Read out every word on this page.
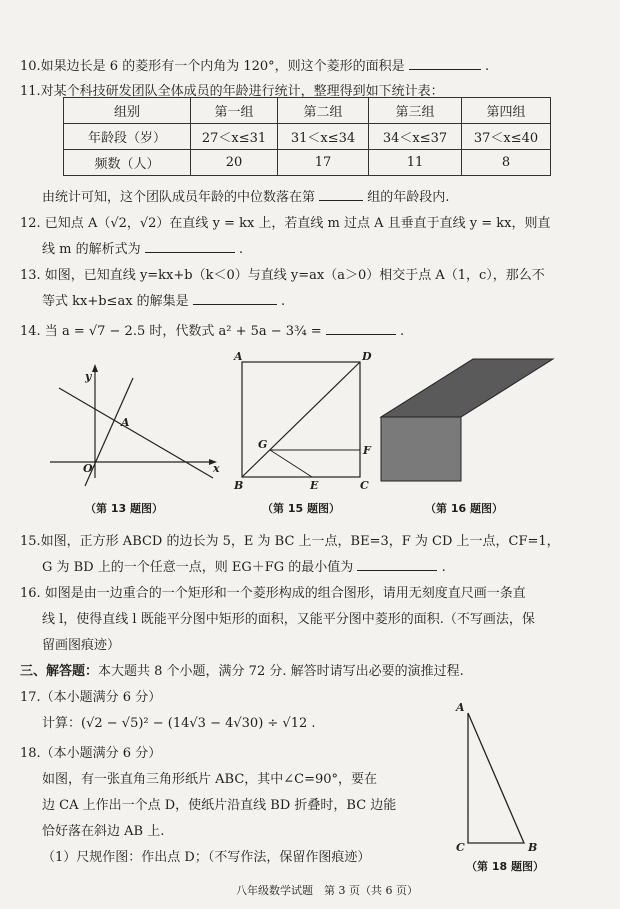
10.如果边长是 6 的菱形有一个内角为 120°，则这个菱形的面积是	.
11.对某个科技研发团队全体成员的年龄进行统计，整理得到如下统计表：
组别	第一组	第二组	第三组	第四组
年龄段（岁）	27＜x≤31	31＜x≤34	34＜x≤37	37＜x≤40
频数（人）	20	17	11	8
由统计可知，这个团队成员年龄的中位数落在第	组的年龄段内.
12. 已知点 A（√2，√2）在直线 y = kx 上，若直线 m 过点 A 且垂直于直线 y = kx，则直
线 m 的解析式为	.
13. 如图，已知直线 y=kx+b（k＜0）与直线 y=ax（a＞0）相交于点 A（1，c），那么不
等式 kx+b≤ax 的解集是	.
14. 当 a = √7 − 2.5 时，代数式 a² + 5a − 3¾ =	.
y
x
O
A
（第 13 题图）
A	D
G	F
B	E	C
（第 15 题图）	（第 16 题图）
15.如图，正方形 ABCD 的边长为 5，E 为 BC 上一点，BE=3，F 为 CD 上一点，CF=1，
G 为 BD 上的一个任意一点，则 EG＋FG 的最小值为	.
16. 如图是由一边重合的一个矩形和一个菱形构成的组合图形，请用无刻度直尺画一条直
线 l，使得直线 l 既能平分图中矩形的面积，又能平分图中菱形的面积.（不写画法，保
留画图痕迹）
三、解答题：本大题共 8 个小题，满分 72 分. 解答时请写出必要的演推过程.
17.（本小题满分 6 分）
计算：(√2 − √5)² − (14√3 − 4√30) ÷ √12 .
18.（本小题满分 6 分）
如图，有一张直角三角形纸片 ABC，其中∠C=90°，要在
边 CA 上作出一个点 D，使纸片沿直线 BD 折叠时，BC 边能
恰好落在斜边 AB 上.
（1）尺规作图：作出点 D；（不写作法，保留作图痕迹）
A
C	B
（第 18 题图）
八年级数学试题　第 3 页（共 6 页）
